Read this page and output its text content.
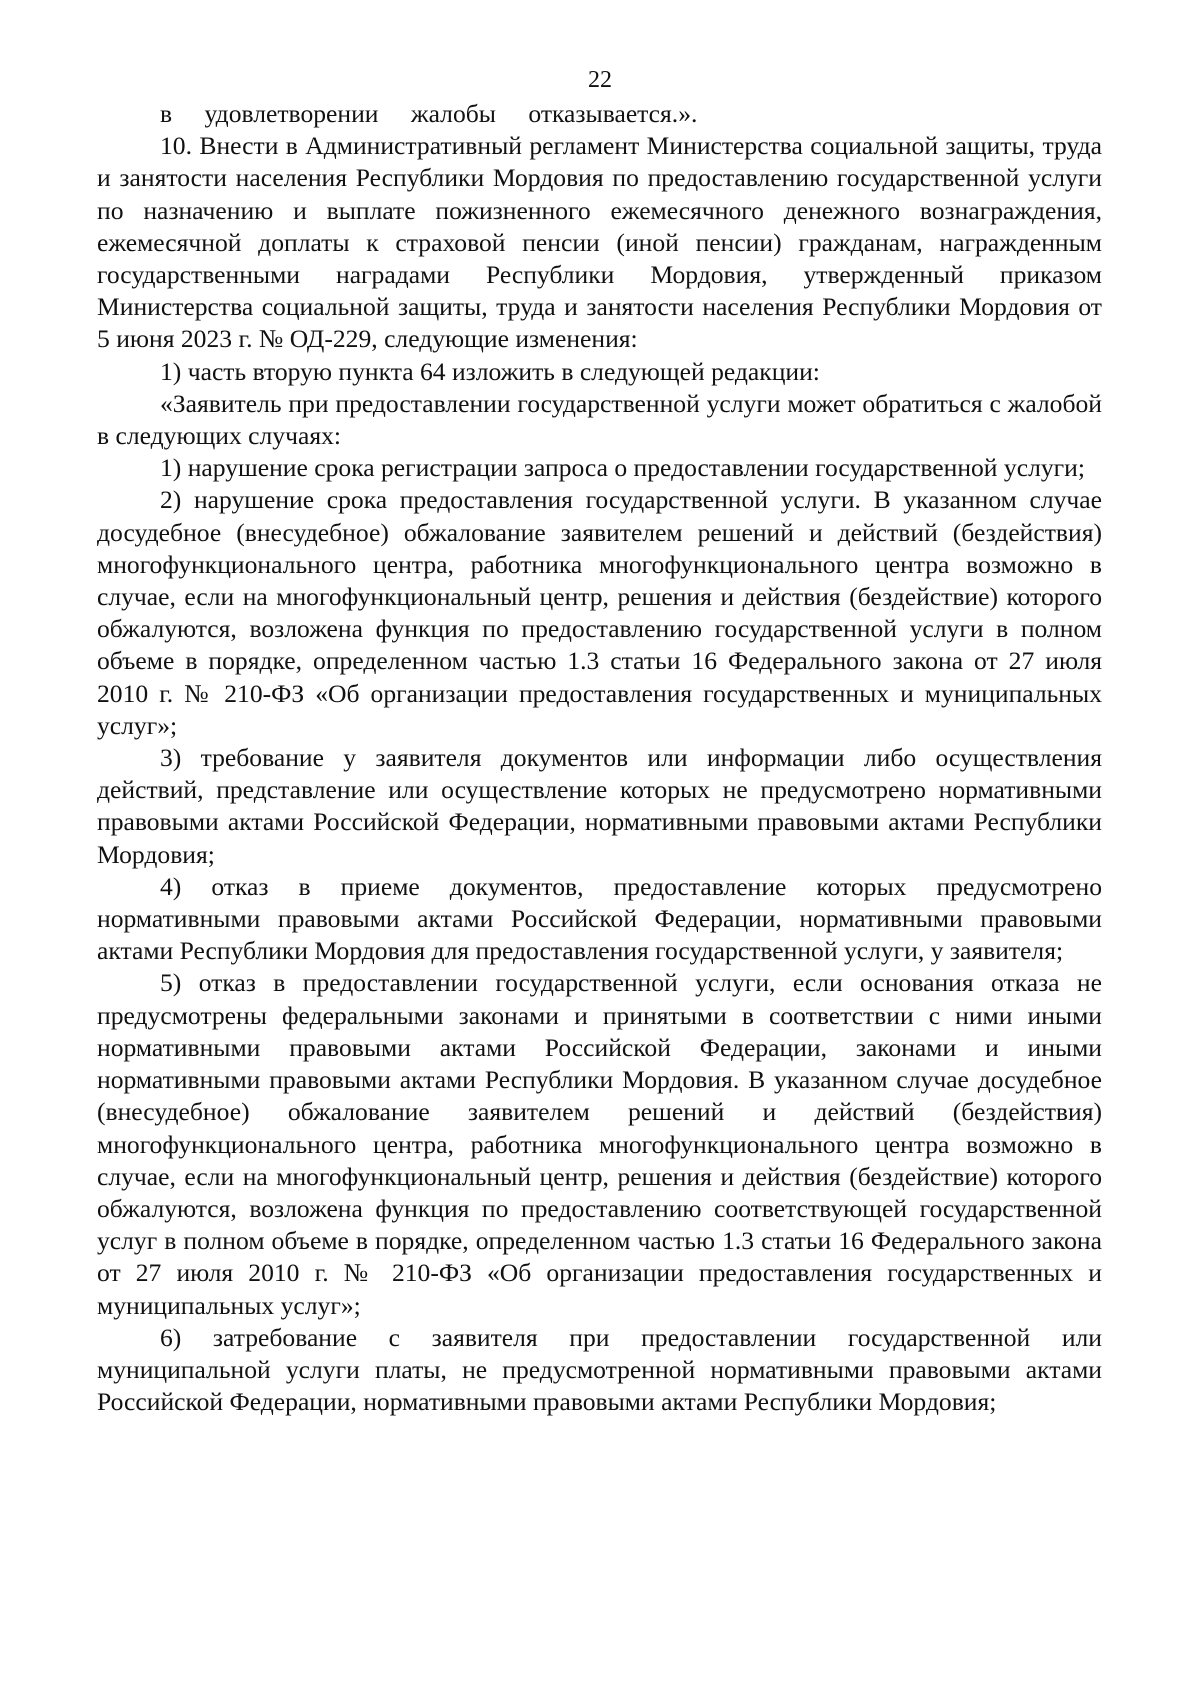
22

в удовлетворении жалобы отказывается.».

10. Внести в Административный регламент Министерства социальной защиты, труда и занятости населения Республики Мордовия по предоставлению государственной услуги по назначению и выплате пожизненного ежемесячного денежного вознаграждения, ежемесячной доплаты к страховой пенсии (иной пенсии) гражданам, награжденным государственными наградами Республики Мордовия, утвержденный приказом Министерства социальной защиты, труда и занятости населения Республики Мордовия от 5 июня 2023 г. № ОД-229, следующие изменения:

1) часть вторую пункта 64 изложить в следующей редакции:

«Заявитель при предоставлении государственной услуги может обратиться с жалобой в следующих случаях:

1) нарушение срока регистрации запроса о предоставлении государственной услуги;

2) нарушение срока предоставления государственной услуги. В указанном случае досудебное (внесудебное) обжалование заявителем решений и действий (бездействия) многофункционального центра, работника многофункционального центра возможно в случае, если на многофункциональный центр, решения и действия (бездействие) которого обжалуются, возложена функция по предоставлению государственной услуги в полном объеме в порядке, определенном частью 1.3 статьи 16 Федерального закона от 27 июля 2010 г. № 210-ФЗ «Об организации предоставления государственных и муниципальных услуг»;

3) требование у заявителя документов или информации либо осуществления действий, представление или осуществление которых не предусмотрено нормативными правовыми актами Российской Федерации, нормативными правовыми актами Республики Мордовия;

4) отказ в приеме документов, предоставление которых предусмотрено нормативными правовыми актами Российской Федерации, нормативными правовыми актами Республики Мордовия для предоставления государственной услуги, у заявителя;

5) отказ в предоставлении государственной услуги, если основания отказа не предусмотрены федеральными законами и принятыми в соответствии с ними иными нормативными правовыми актами Российской Федерации, законами и иными нормативными правовыми актами Республики Мордовия. В указанном случае досудебное (внесудебное) обжалование заявителем решений и действий (бездействия) многофункционального центра, работника многофункционального центра возможно в случае, если на многофункциональный центр, решения и действия (бездействие) которого обжалуются, возложена функция по предоставлению соответствующей государственной услуг в полном объеме в порядке, определенном частью 1.3 статьи 16 Федерального закона от 27 июля 2010 г. № 210-ФЗ «Об организации предоставления государственных и муниципальных услуг»;

6) затребование с заявителя при предоставлении государственной или муниципальной услуги платы, не предусмотренной нормативными правовыми актами Российской Федерации, нормативными правовыми актами Республики Мордовия;
